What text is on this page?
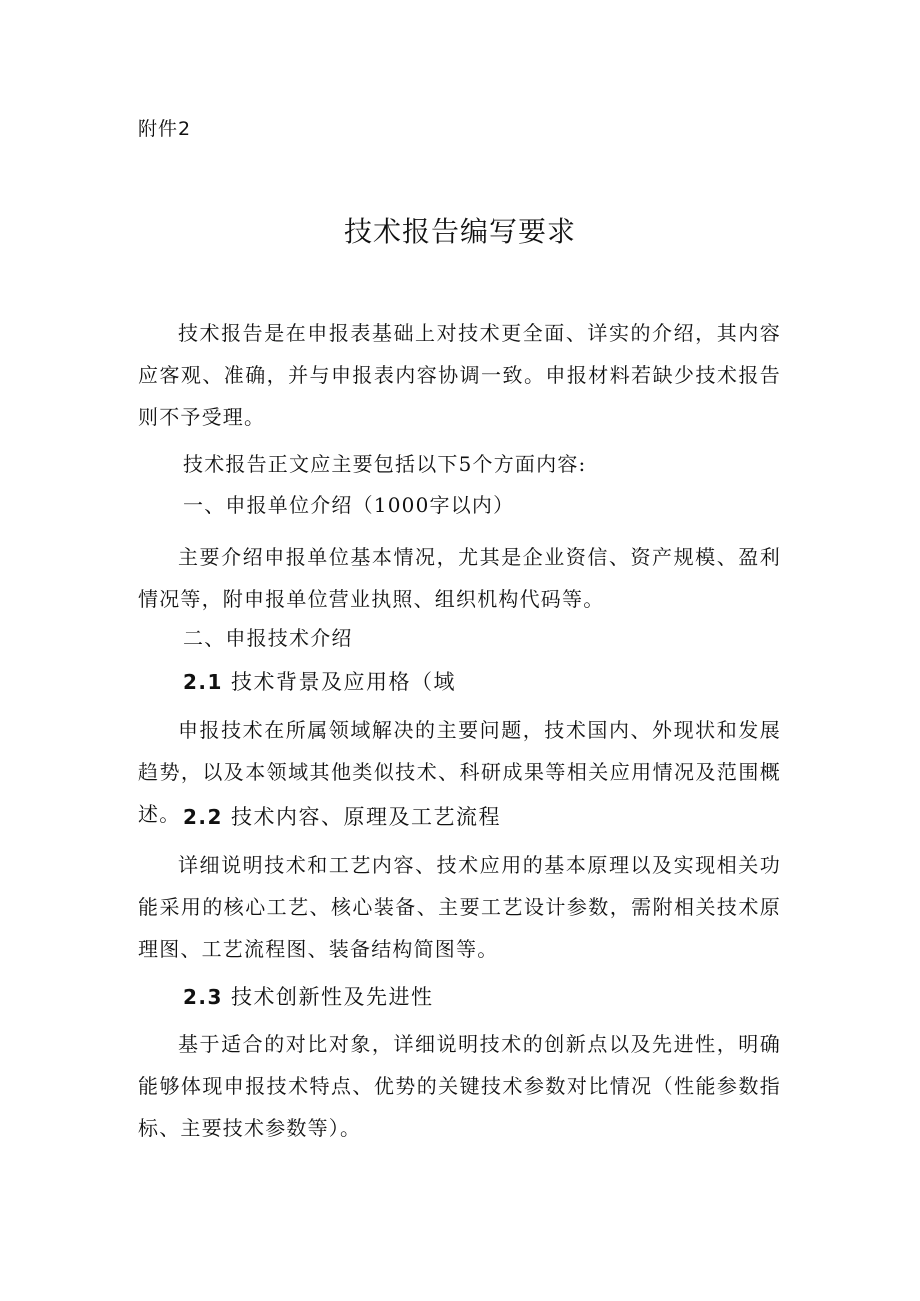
附件2
技术报告编写要求

技术报告是在申报表基础上对技术更全面、详实的介绍，其内容应客观、准确，并与申报表内容协调一致。申报材料若缺少技术报告则不予受理。

技术报告正文应主要包括以下5个方面内容:
一、申报单位介绍（1000字以内）

主要介绍申报单位基本情况，尤其是企业资信、资产规模、盈利情况等，附申报单位营业执照、组织机构代码等。

二、申报技术介绍
2.1 技术背景及应用格（域

申报技术在所属领域解决的主要问题，技术国内、外现状和发展趋势，以及本领域其他类似技术、科研成果等相关应用情况及范围概述。 2.2 技术内容、原理及工艺流程

详细说明技术和工艺内容、技术应用的基本原理以及实现相关功能采用的核心工艺、核心装备、主要工艺设计参数，需附相关技术原理图、工艺流程图、装备结构简图等。

2.3 技术创新性及先进性

基于适合的对比对象，详细说明技术的创新点以及先进性，明确能够体现申报技术特点、优势的关键技术参数对比情况（性能参数指标、主要技术参数等）。
